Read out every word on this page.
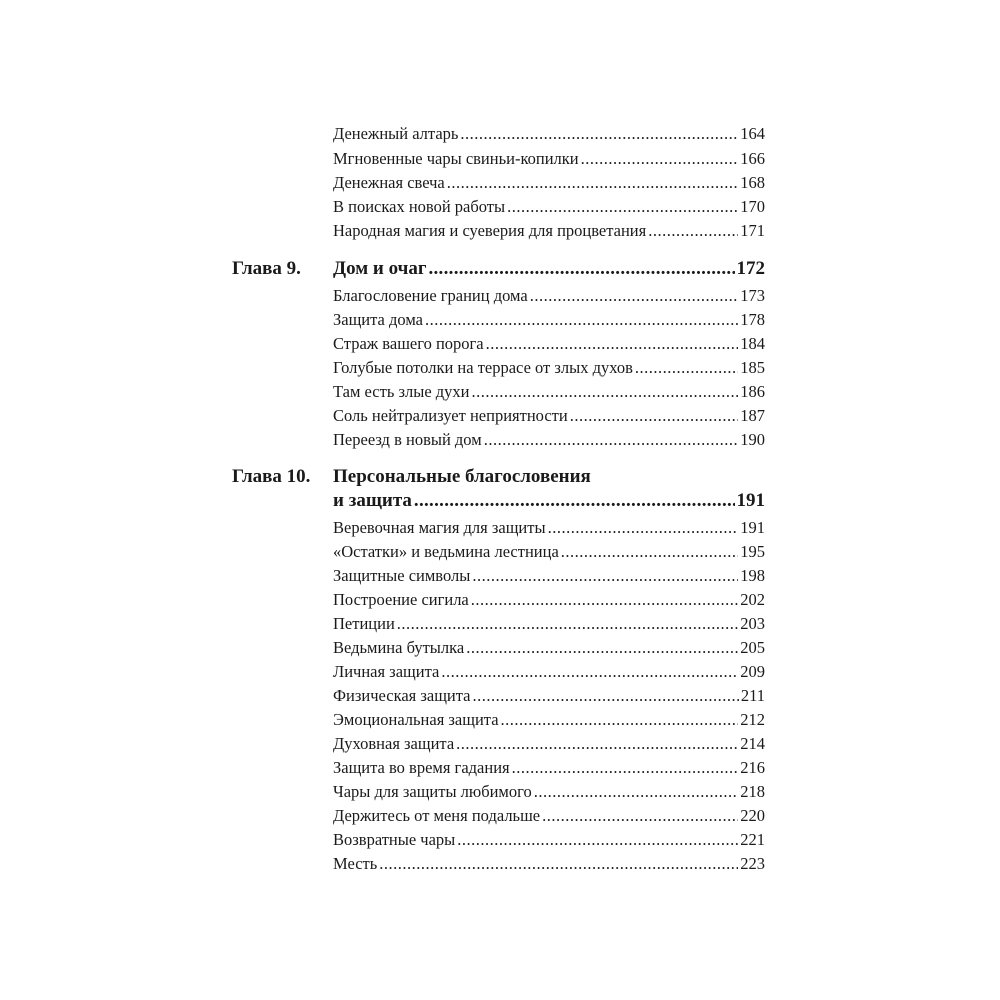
Денежный алтарь .....	164
Мгновенные чары свиньи-копилки .....	166
Денежная свеча .....	168
В поисках новой работы .....	170
Народная магия и суеверия для процветания .....	171
Глава 9. Дом и очаг .....	172
Благословение границ дома .....	173
Защита дома .....	178
Страж вашего порога .....	184
Голубые потолки на террасе от злых духов .....	185
Там есть злые духи .....	186
Соль нейтрализует неприятности .....	187
Переезд в новый дом .....	190
Глава 10. Персональные благословения
и защита .....	191
Веревочная магия для защиты .....	191
«Остатки» и ведьмина лестница .....	195
Защитные символы .....	198
Построение сигила .....	202
Петиции .....	203
Ведьмина бутылка .....	205
Личная защита .....	209
Физическая защита .....	211
Эмоциональная защита .....	212
Духовная защита .....	214
Защита во время гадания .....	216
Чары для защиты любимого .....	218
Держитесь от меня подальше .....	220
Возвратные чары .....	221
Месть .....	223
